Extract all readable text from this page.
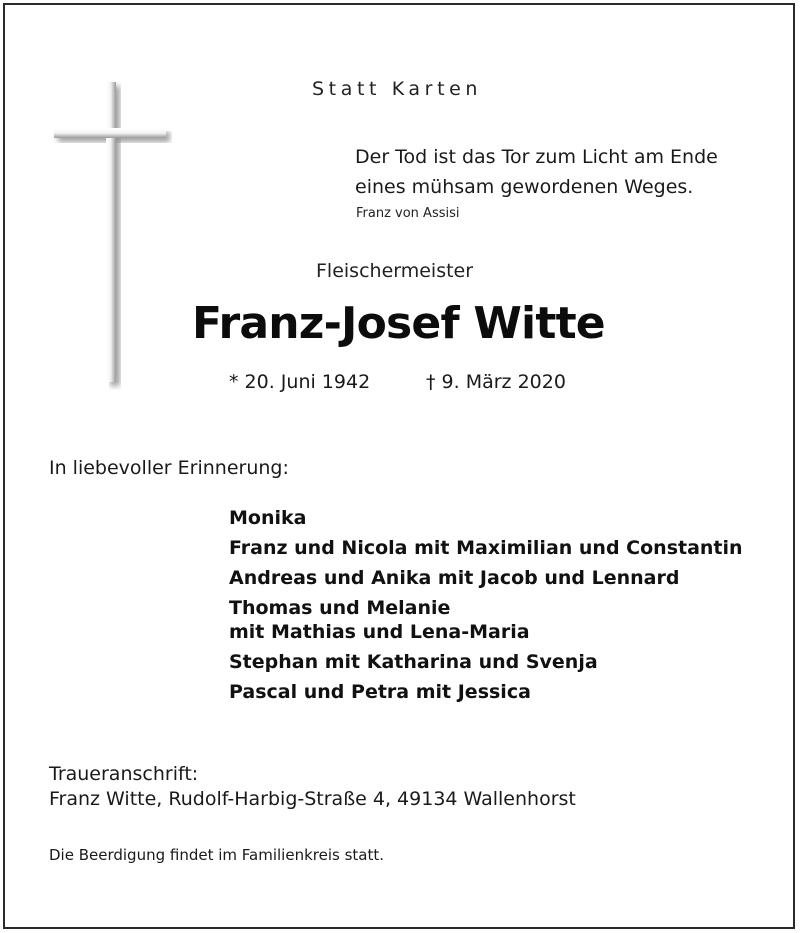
Statt Karten
Der Tod ist das Tor zum Licht am Ende
eines mühsam gewordenen Weges.
Franz von Assisi
Fleischermeister
Franz-Josef Witte
* 20. Juni 1942	† 9. März 2020
In liebevoller Erinnerung:
Monika
Franz und Nicola mit Maximilian und Constantin
Andreas und Anika mit Jacob und Lennard
Thomas und Melanie
mit Mathias und Lena-Maria
Stephan mit Katharina und Svenja
Pascal und Petra mit Jessica
Traueranschrift:
Franz Witte, Rudolf-Harbig-Straße 4, 49134 Wallenhorst
Die Beerdigung findet im Familienkreis statt.
